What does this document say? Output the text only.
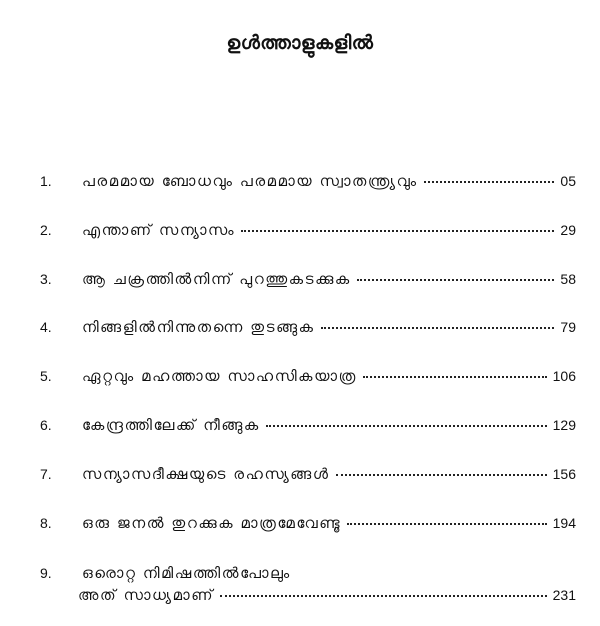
ഉൾത്താളുകളിൽ
1.	പരമമായ ബോധവും പരമമായ സ്വാതന്ത്ര്യവും	05
2.	എന്താണ് സന്യാസം	29
3.	ആ ചക്രത്തിൽനിന്ന് പുറത്തുകടക്കുക	58
4.	നിങ്ങളിൽനിന്നുതന്നെ തുടങ്ങുക	79
5.	ഏറ്റവും മഹത്തായ സാഹസികയാത്ര	106
6.	കേന്ദ്രത്തിലേക്ക് നീങ്ങുക	129
7.	സന്യാസദീക്ഷയുടെ രഹസ്യങ്ങൾ	156
8.	ഒരു ജനൽ തുറക്കുക മാത്രമേവേണ്ടൂ	194
9.	ഒരൊറ്റ നിമിഷത്തിൽപോലും
അത് സാധ്യമാണ്	231
